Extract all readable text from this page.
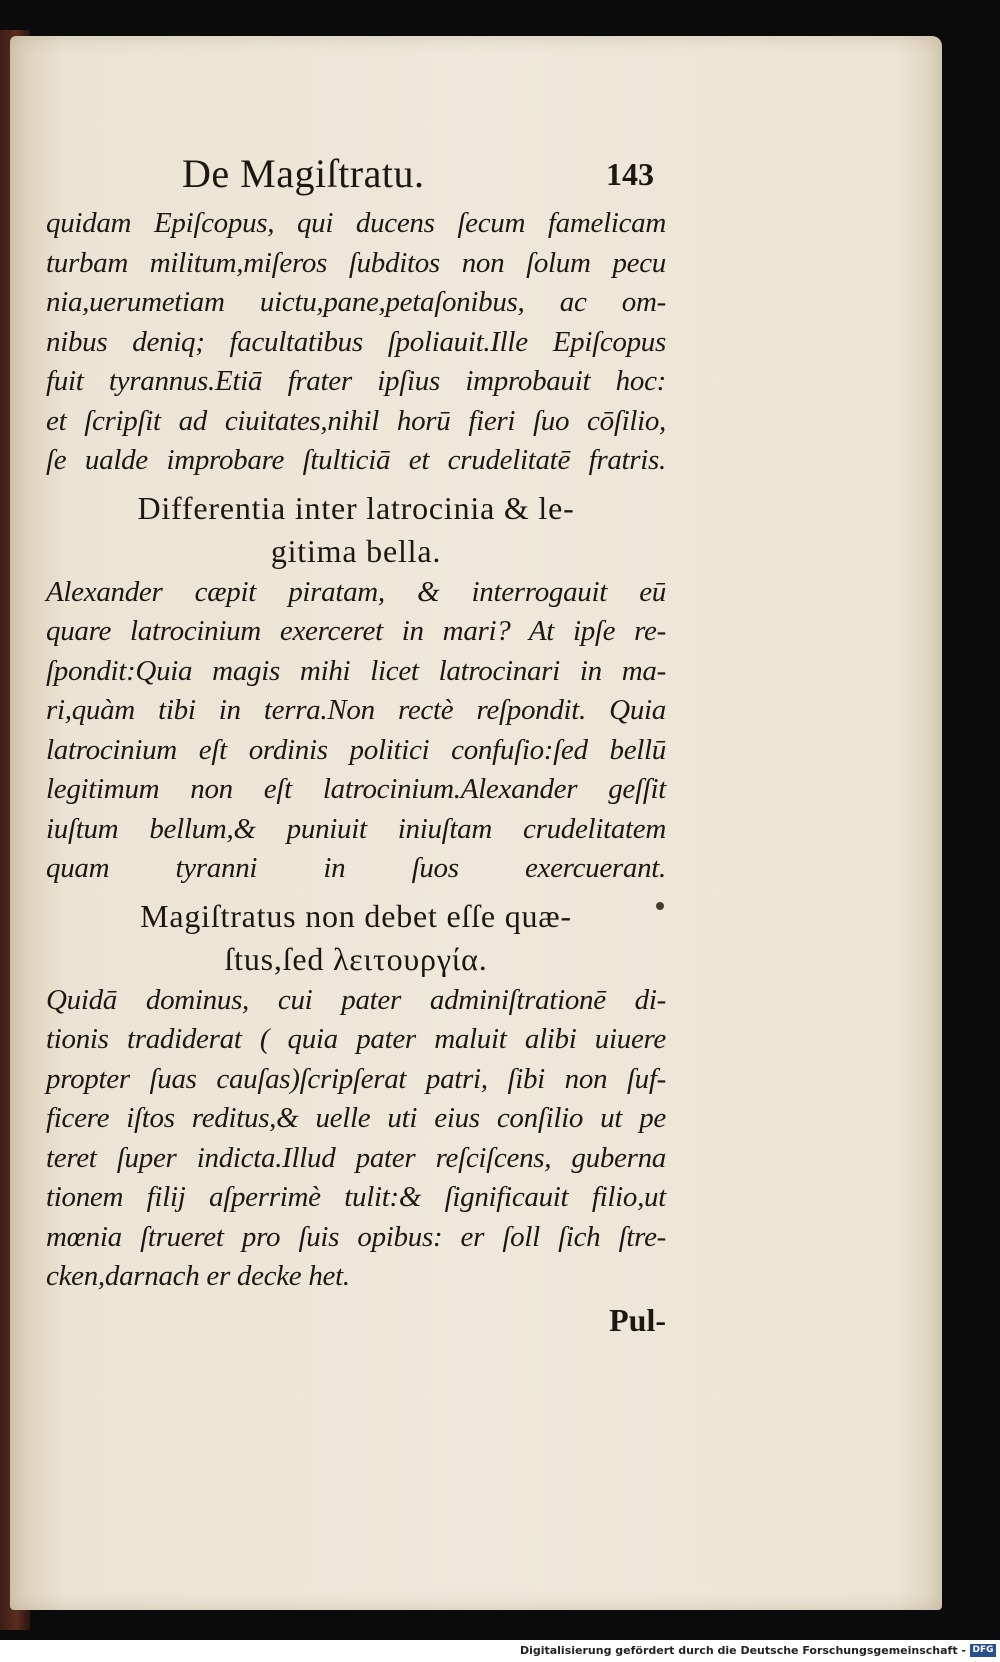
De Magiſtratu.	143
quidam Epiſcopus, qui ducens ſecum famelicam
turbam militum,miſeros ſubditos non ſolum pecu
nia,uerumetiam uictu,pane,petaſonibus, ac om-
nibus deniq; facultatibus ſpoliauit.Ille Epiſcopus
fuit tyrannus.Etiā frater ipſius improbauit hoc:
et ſcripſit ad ciuitates,nihil horū fieri ſuo cōſilio,
ſe ualde improbare ſtulticiā et crudelitatē fratris.
Differentia inter latrocinia & le-
gitima bella.
Alexander cæpit piratam, & interrogauit eū
quare latrocinium exerceret in mari? At ipſe re-
ſpondit:Quia magis mihi licet latrocinari in ma-
ri,quàm tibi in terra.Non rectè reſpondit. Quia
latrocinium eſt ordinis politici confuſio:ſed bellū
legitimum non eſt latrocinium.Alexander geſſit
iuſtum bellum,& puniuit iniuſtam crudelitatem
quam tyranni in ſuos exercuerant.
Magiſtratus non debet eſſe quæ-
ſtus,ſed λειτουργία.
Quidā dominus, cui pater adminiſtrationē di-
tionis tradiderat ( quia pater maluit alibi uiuere
propter ſuas cauſas)ſcripſerat patri, ſibi non ſuf-
ficere iſtos reditus,& uelle uti eius conſilio ut pe
teret ſuper indicta.Illud pater reſciſcens, guberna
tionem filij aſperrimè tulit:& ſignificauit filio,ut
mœnia ſtrueret pro ſuis opibus: er ſoll ſich ſtre-
cken,darnach er decke het.
Pul-
Digitalisierung gefördert durch die Deutsche Forschungsgemeinschaft - DFG
